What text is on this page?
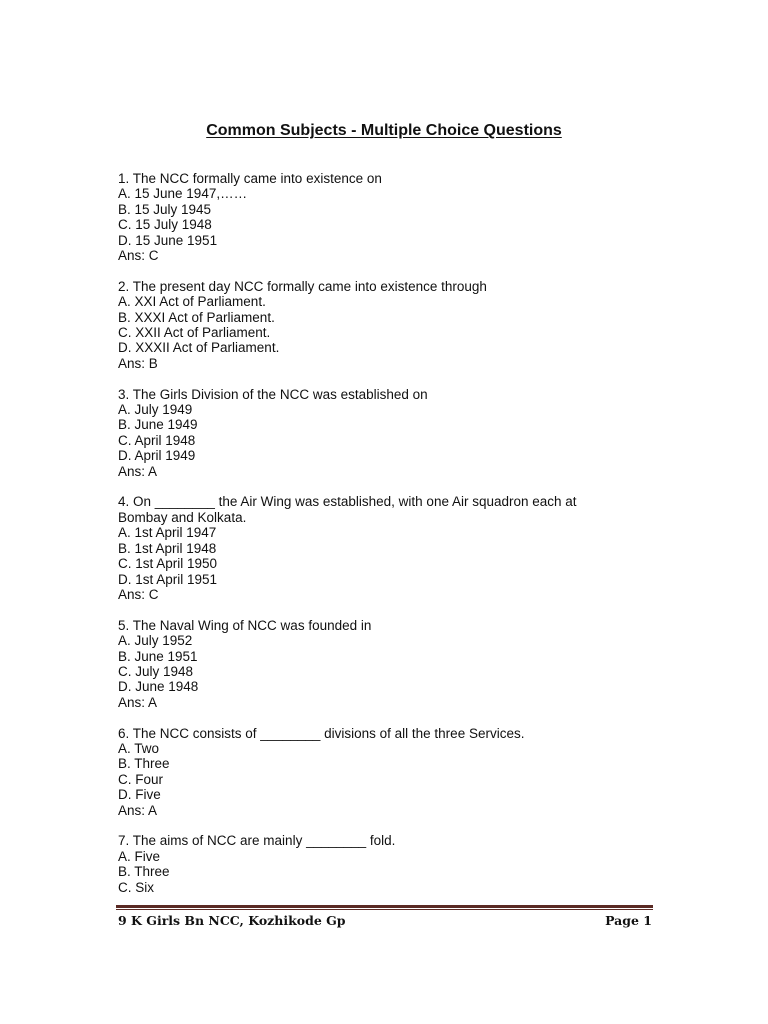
Common Subjects - Multiple Choice Questions
1. The NCC formally came into existence on
A. 15 June 1947,……
B. 15 July 1945
C. 15 July 1948
D. 15 June 1951
Ans: C
2. The present day NCC formally came into existence through
A. XXI Act of Parliament.
B. XXXI Act of Parliament.
C. XXII Act of Parliament.
D. XXXII Act of Parliament.
Ans: B
3. The Girls Division of the NCC was established on
A. July 1949
B. June 1949
C. April 1948
D. April 1949
Ans: A
4. On ________ the Air Wing was established, with one Air squadron each at
Bombay and Kolkata.
A. 1st April 1947
B. 1st April 1948
C. 1st April 1950
D. 1st April 1951
Ans: C
5. The Naval Wing of NCC was founded in
A. July 1952
B. June 1951
C. July 1948
D. June 1948
Ans: A
6. The NCC consists of ________ divisions of all the three Services.
A. Two
B. Three
C. Four
D. Five
Ans: A
7. The aims of NCC are mainly ________ fold.
A. Five
B. Three
C. Six
9 K Girls Bn NCC, Kozhikode Gp	Page 1
